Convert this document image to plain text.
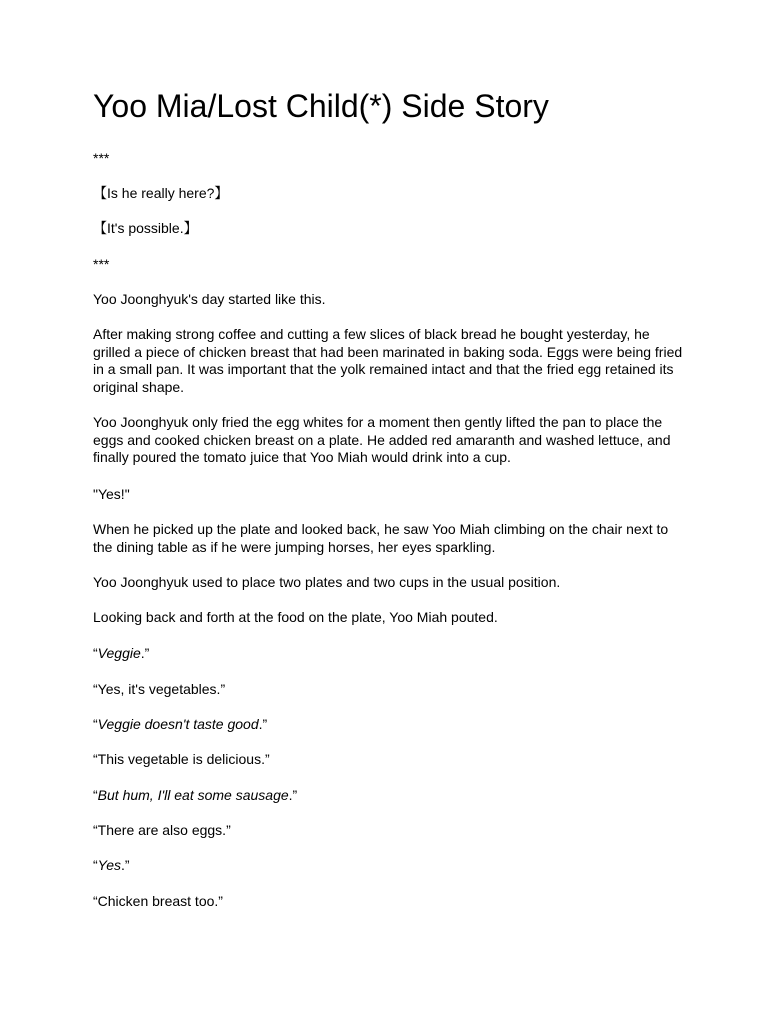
Yoo Mia/Lost Child(*) Side Story

***

【Is he really here?】

【It's possible.】

***

Yoo Joonghyuk's day started like this.

After making strong coffee and cutting a few slices of black bread he bought yesterday, he grilled a piece of chicken breast that had been marinated in baking soda. Eggs were being fried in a small pan. It was important that the yolk remained intact and that the fried egg retained its original shape.

Yoo Joonghyuk only fried the egg whites for a moment then gently lifted the pan to place the eggs and cooked chicken breast on a plate. He added red amaranth and washed lettuce, and finally poured the tomato juice that Yoo Miah would drink into a cup.

"Yes!"

When he picked up the plate and looked back, he saw Yoo Miah climbing on the chair next to the dining table as if he were jumping horses, her eyes sparkling.

Yoo Joonghyuk used to place two plates and two cups in the usual position.

Looking back and forth at the food on the plate, Yoo Miah pouted.

“Veggie.”

“Yes, it's vegetables.”

“Veggie doesn't taste good.”

“This vegetable is delicious.”

“But hum, I'll eat some sausage.”

“There are also eggs.”

“Yes.”

“Chicken breast too.”
